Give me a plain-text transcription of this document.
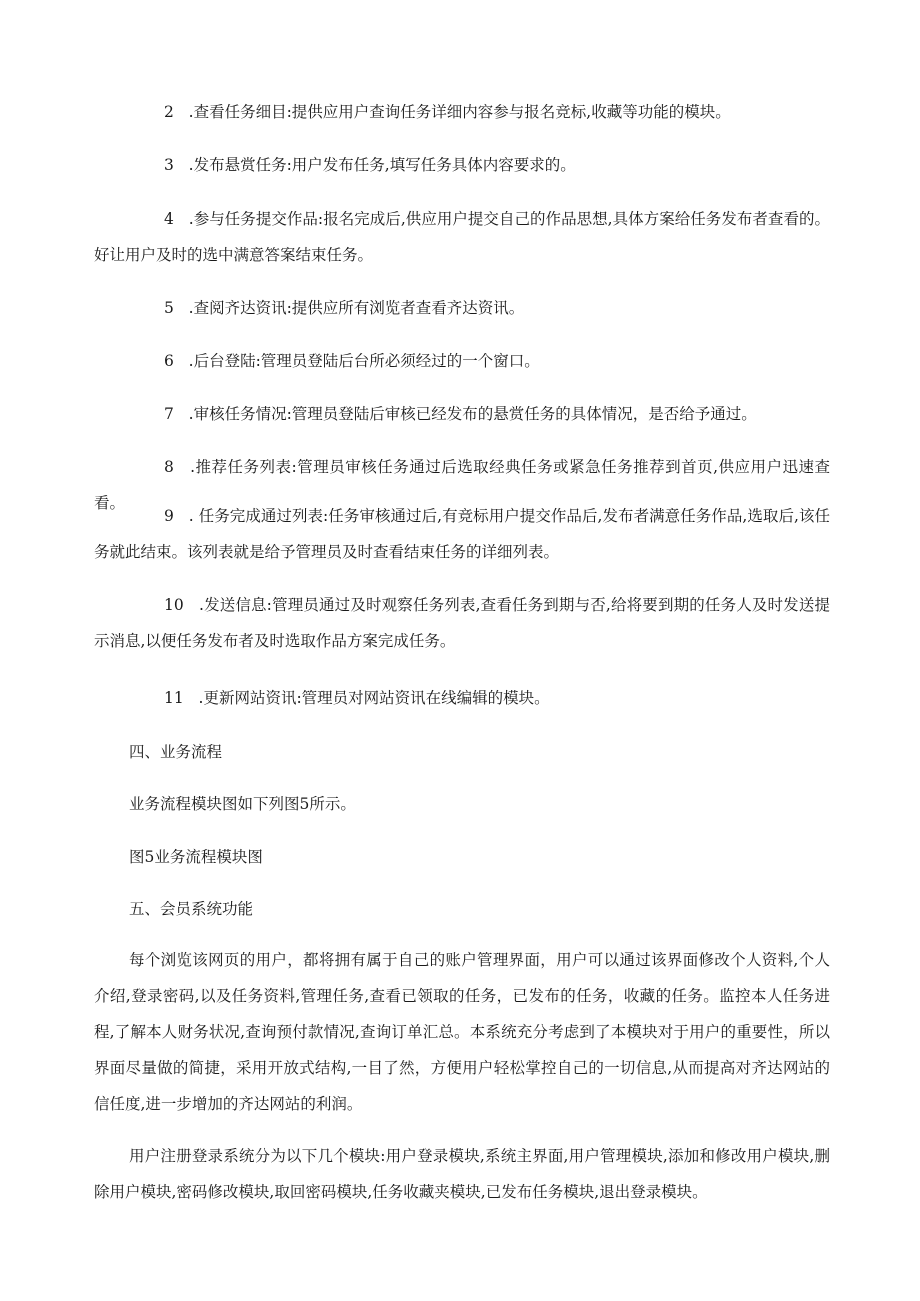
2 .查看任务细目:提供应用户查询任务详细内容参与报名竞标,收藏等功能的模块。
3 .发布悬赏任务:用户发布任务,填写任务具体内容要求的。
4 .参与任务提交作品:报名完成后,供应用户提交自己的作品思想,具体方案给任务发布者查看的。好让用户及时的选中满意答案结束任务。
5 .查阅齐达资讯:提供应所有浏览者查看齐达资讯。
6 .后台登陆:管理员登陆后台所必须经过的一个窗口。
7 .审核任务情况:管理员登陆后审核已经发布的悬赏任务的具体情况，是否给予通过。
8 .推荐任务列表:管理员审核任务通过后选取经典任务或紧急任务推荐到首页,供应用户迅速查看。
9 . 任务完成通过列表:任务审核通过后,有竞标用户提交作品后,发布者满意任务作品,选取后,该任务就此结束。该列表就是给予管理员及时查看结束任务的详细列表。
10 .发送信息:管理员通过及时观察任务列表,查看任务到期与否,给将要到期的任务人及时发送提示消息,以便任务发布者及时选取作品方案完成任务。
11 .更新网站资讯:管理员对网站资讯在线编辑的模块。
四、业务流程
业务流程模块图如下列图5所示。
图5业务流程模块图
五、会员系统功能
每个浏览该网页的用户，都将拥有属于自己的账户管理界面，用户可以通过该界面修改个人资料,个人介绍,登录密码,以及任务资料,管理任务,查看已领取的任务，已发布的任务，收藏的任务。监控本人任务进程,了解本人财务状况,查询预付款情况,查询订单汇总。本系统充分考虑到了本模块对于用户的重要性，所以界面尽量做的简捷，采用开放式结构,一目了然，方便用户轻松掌控自己的一切信息,从而提高对齐达网站的信任度,进一步增加的齐达网站的利润。
用户注册登录系统分为以下几个模块:用户登录模块,系统主界面,用户管理模块,添加和修改用户模块,删除用户模块,密码修改模块,取回密码模块,任务收藏夹模块,已发布任务模块,退出登录模块。
